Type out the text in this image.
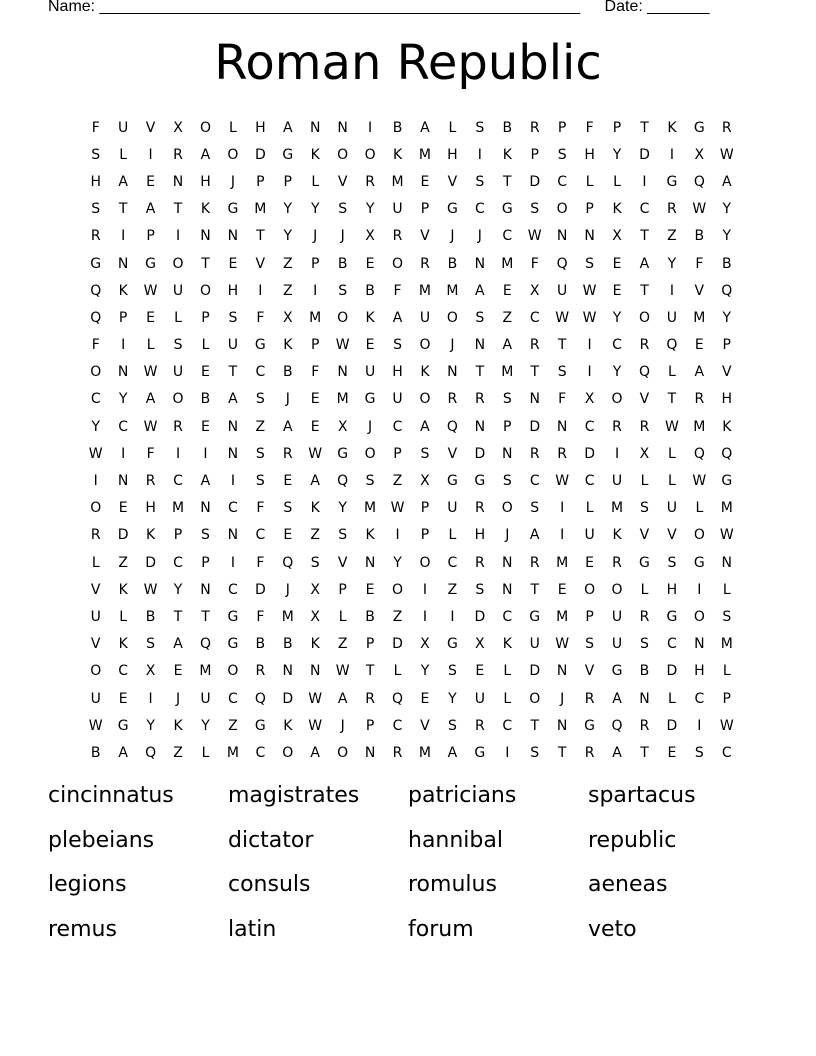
Name: ______________________________________________________ Date: _______
Roman Republic
F	U	V	X	O	L	H	A	N	N	I	B	A	L	S	B	R	P	F	P	T	K	G	R
S	L	I	R	A	O	D	G	K	O	O	K	M	H	I	K	P	S	H	Y	D	I	X	W
H	A	E	N	H	J	P	P	L	V	R	M	E	V	S	T	D	C	L	L	I	G	Q	A
S	T	A	T	K	G	M	Y	Y	S	Y	U	P	G	C	G	S	O	P	K	C	R	W	Y
R	I	P	I	N	N	T	Y	J	J	X	R	V	J	J	C	W	N	N	X	T	Z	B	Y
G	N	G	O	T	E	V	Z	P	B	E	O	R	B	N	M	F	Q	S	E	A	Y	F	B
Q	K	W	U	O	H	I	Z	I	S	B	F	M	M	A	E	X	U	W	E	T	I	V	Q
Q	P	E	L	P	S	F	X	M	O	K	A	U	O	S	Z	C	W W	Y	O	U	M	Y
F	I	L	S	L	U	G	K	P	W	E	S	O	J	N	A	R	T	I	C	R	Q	E	P
O	N	W	U	E	T	C	B	F	N	U	H	K	N	T	M	T	S	I	Y	Q	L	A	V
C	Y	A	O	B	A	S	J	E	M	G	U	O	R	R	S	N	F	X	O	V	T	R	H
Y	C	W	R	E	N	Z	A	E	X	J	C	A	Q	N	P	D	N	C	R	R	W	M	K
W	I	F	I	I	N	S	R	W	G	O	P	S	V	D	N	R	R	D	I	X	L	Q	Q
I	N	R	C	A	I	S	E	A	Q	S	Z	X	G	G	S	C	W	C	U	L	L	W	G
O	E	H	M	N	C	F	S	K	Y	M	W	P	U	R	O	S	I	L	M	S	U	L	M
R	D	K	P	S	N	C	E	Z	S	K	I	P	L	H	J	A	I	U	K	V	V	O	W
L	Z	D	C	P	I	F	Q	S	V	N	Y	O	C	R	N	R	M	E	R	G	S	G	N
V	K	W	Y	N	C	D	J	X	P	E	O	I	Z	S	N	T	E	O	O	L	H	I	L
U	L	B	T	T	G	F	M	X	L	B	Z	I	I	D	C	G	M	P	U	R	G	O	S
V	K	S	A	Q	G	B	B	K	Z	P	D	X	G	X	K	U	W	S	U	S	C	N	M
O	C	X	E	M	O	R	N	N	W	T	L	Y	S	E	L	D	N	V	G	B	D	H	L
U	E	I	J	U	C	Q	D	W	A	R	Q	E	Y	U	L	O	J	R	A	N	L	C	P
W	G	Y	K	Y	Z	G	K	W	J	P	C	V	S	R	C	T	N	G	Q	R	D	I	W
B	A	Q	Z	L	M	C	O	A	O	N	R	M	A	G	I	S	T	R	A	T	E	S	C
cincinnatus	magistrates	patricians	spartacus
plebeians	dictator	hannibal	republic
legions	consuls	romulus	aeneas
remus	latin	forum	veto
